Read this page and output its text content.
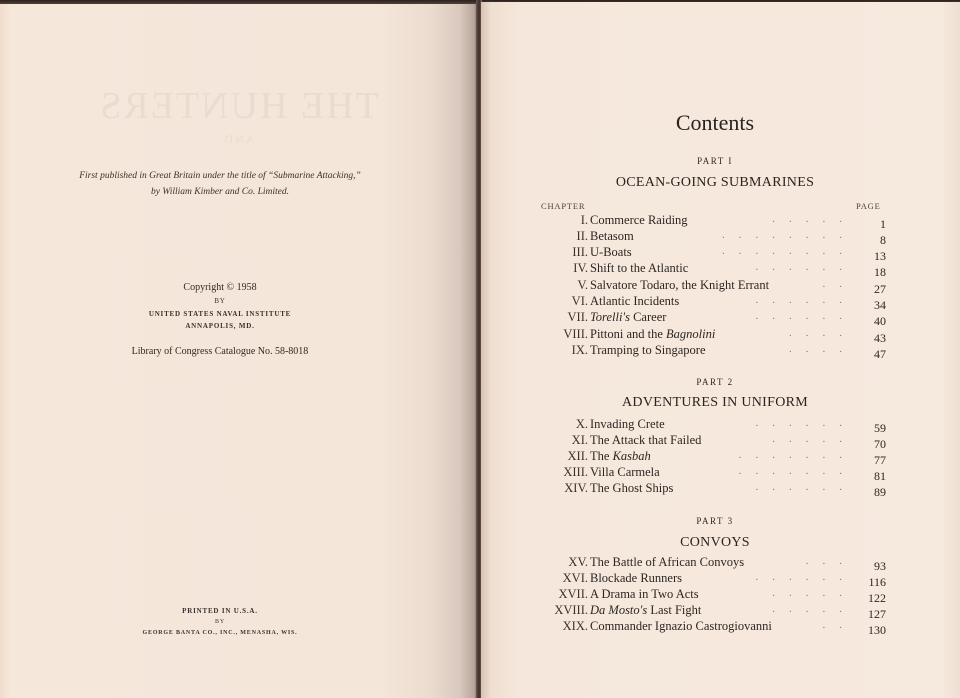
THE HUNTERS
AND
First published in Great Britain under the title of “Submarine Attacking,”
by William Kimber and Co. Limited.
Copyright © 1958
BY
UNITED STATES NAVAL INSTITUTE
ANNAPOLIS, MD.
Library of Congress Catalogue No. 58-8018
PRINTED IN U.S.A.
BY
GEORGE BANTA CO., INC., MENASHA, WIS.
Contents
PART I
OCEAN-GOING SUBMARINES
CHAPTER	PAGE
I. Commerce Raiding	..... 1
II. Betasom	........ 8
III. U-Boats	........ 13
IV. Shift to the Atlantic	...... 18
V. Salvatore Todaro, the Knight Errant	.. 27
VI. Atlantic Incidents	...... 34
VII. Torelli's Career	...... 40
VIII. Pittoni and the Bagnolini	.... 43
IX. Tramping to Singapore	.... 47
PART 2
ADVENTURES IN UNIFORM
X. Invading Crete	...... 59
XI. The Attack that Failed	..... 70
XII. The Kasbah	....... 77
XIII. Villa Carmela	....... 81
XIV. The Ghost Ships	...... 89
PART 3
CONVOYS
XV. The Battle of African Convoys	... 93
XVI. Blockade Runners	...... 116
XVII. A Drama in Two Acts	..... 122
XVIII. Da Mosto's Last Fight	..... 127
XIX. Commander Ignazio Castrogiovanni	.. 130
